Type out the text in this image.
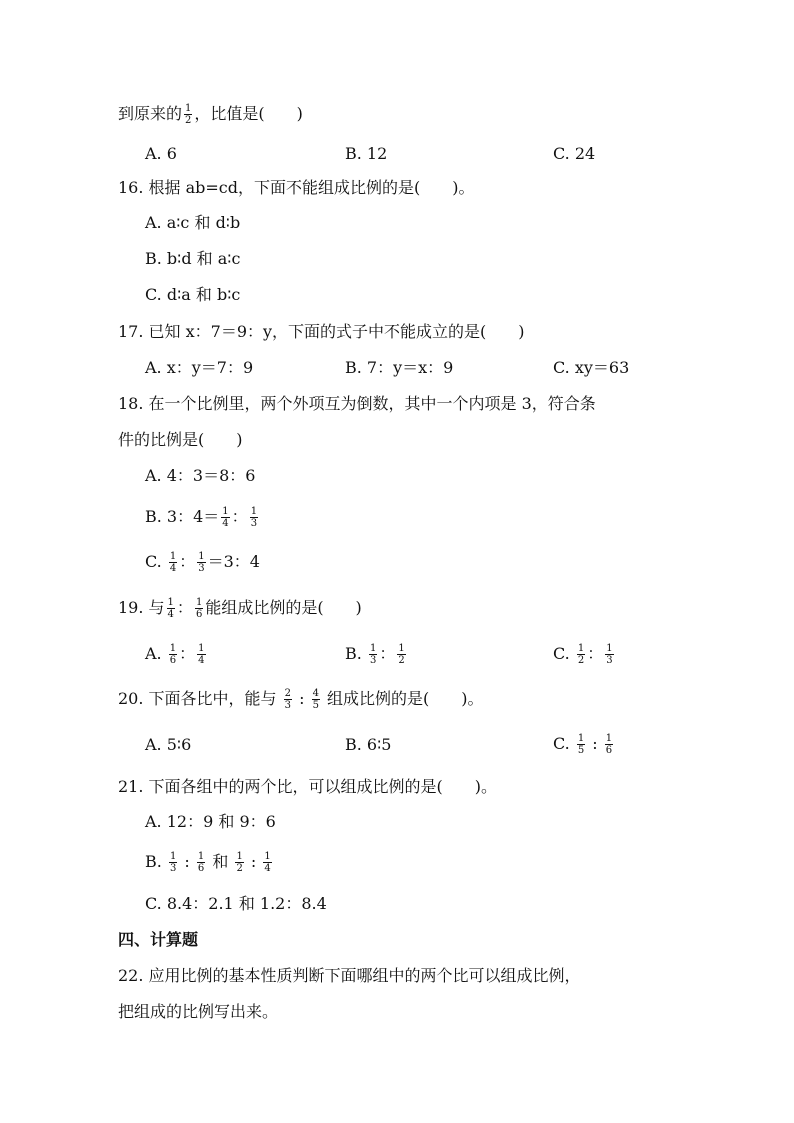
到原来的 $\frac{1}{2}$ ，比值是(　　)
A. 6	B. 12	C. 24
16. 根据 ab=cd，下面不能组成比例的是(　　)。
A. a∶c 和 d∶b
B. b∶d 和 a∶c
C. d∶a 和 b∶c
17. 已知 x：7＝9：y，下面的式子中不能成立的是(　　)
A. x：y＝7：9	B. 7：y＝x：9	C. xy＝63
18. 在一个比例里，两个外项互为倒数，其中一个内项是 3，符合条
件的比例是(　　)
A. 4：3＝8：6
B. 3：$4= \frac{1}{4}$ ： $\frac{1}{3}$
C. $\frac{1}{4}$ ： $\frac{1}{3} =3$：4
19. 与 $\frac{1}{4}$ ： $\frac{1}{6}$ 能组成比例的是(　　)
A. $\frac{1}{6}$ ： $\frac{1}{4}$	B. $\frac{1}{3}$ ： $\frac{1}{2}$	C. $\frac{1}{2}$ ： $\frac{1}{3}$
20. 下面各比中，能与 $\frac{2}{3}$ : $\frac{4}{5}$ 组成比例的是(　　)。
A. 5∶6	B. 6∶5	C. $\frac{1}{5}$ : $\frac{1}{6}$
21. 下面各组中的两个比，可以组成比例的是(　　)。
A. 12：9 和 9：6
B. $\frac{1}{3}$ : $\frac{1}{6}$ 和 $\frac{1}{2}$ : $\frac{1}{4}$
C. 8.4：2.1 和 1.2：8.4
四、计算题
22. 应用比例的基本性质判断下面哪组中的两个比可以组成比例，
把组成的比例写出来。
